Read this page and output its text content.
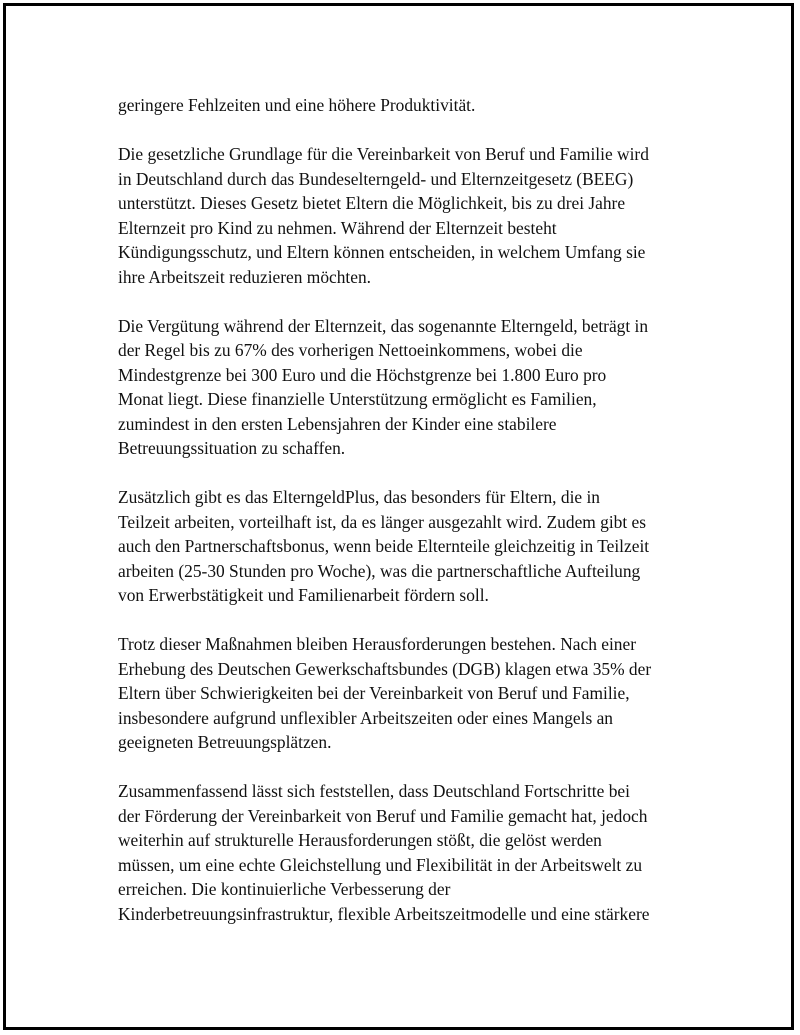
geringere Fehlzeiten und eine höhere Produktivität.

Die gesetzliche Grundlage für die Vereinbarkeit von Beruf und Familie wird
in Deutschland durch das Bundeselterngeld- und Elternzeitgesetz (BEEG)
unterstützt. Dieses Gesetz bietet Eltern die Möglichkeit, bis zu drei Jahre
Elternzeit pro Kind zu nehmen. Während der Elternzeit besteht
Kündigungsschutz, und Eltern können entscheiden, in welchem Umfang sie
ihre Arbeitszeit reduzieren möchten.

Die Vergütung während der Elternzeit, das sogenannte Elterngeld, beträgt in
der Regel bis zu 67% des vorherigen Nettoeinkommens, wobei die
Mindestgrenze bei 300 Euro und die Höchstgrenze bei 1.800 Euro pro
Monat liegt. Diese finanzielle Unterstützung ermöglicht es Familien,
zumindest in den ersten Lebensjahren der Kinder eine stabilere
Betreuungssituation zu schaffen.

Zusätzlich gibt es das ElterngeldPlus, das besonders für Eltern, die in
Teilzeit arbeiten, vorteilhaft ist, da es länger ausgezahlt wird. Zudem gibt es
auch den Partnerschaftsbonus, wenn beide Elternteile gleichzeitig in Teilzeit
arbeiten (25-30 Stunden pro Woche), was die partnerschaftliche Aufteilung
von Erwerbstätigkeit und Familienarbeit fördern soll.

Trotz dieser Maßnahmen bleiben Herausforderungen bestehen. Nach einer
Erhebung des Deutschen Gewerkschaftsbundes (DGB) klagen etwa 35% der
Eltern über Schwierigkeiten bei der Vereinbarkeit von Beruf und Familie,
insbesondere aufgrund unflexibler Arbeitszeiten oder eines Mangels an
geeigneten Betreuungsplätzen.

Zusammenfassend lässt sich feststellen, dass Deutschland Fortschritte bei
der Förderung der Vereinbarkeit von Beruf und Familie gemacht hat, jedoch
weiterhin auf strukturelle Herausforderungen stößt, die gelöst werden
müssen, um eine echte Gleichstellung und Flexibilität in der Arbeitswelt zu
erreichen. Die kontinuierliche Verbesserung der
Kinderbetreuungsinfrastruktur, flexible Arbeitszeitmodelle und eine stärkere
